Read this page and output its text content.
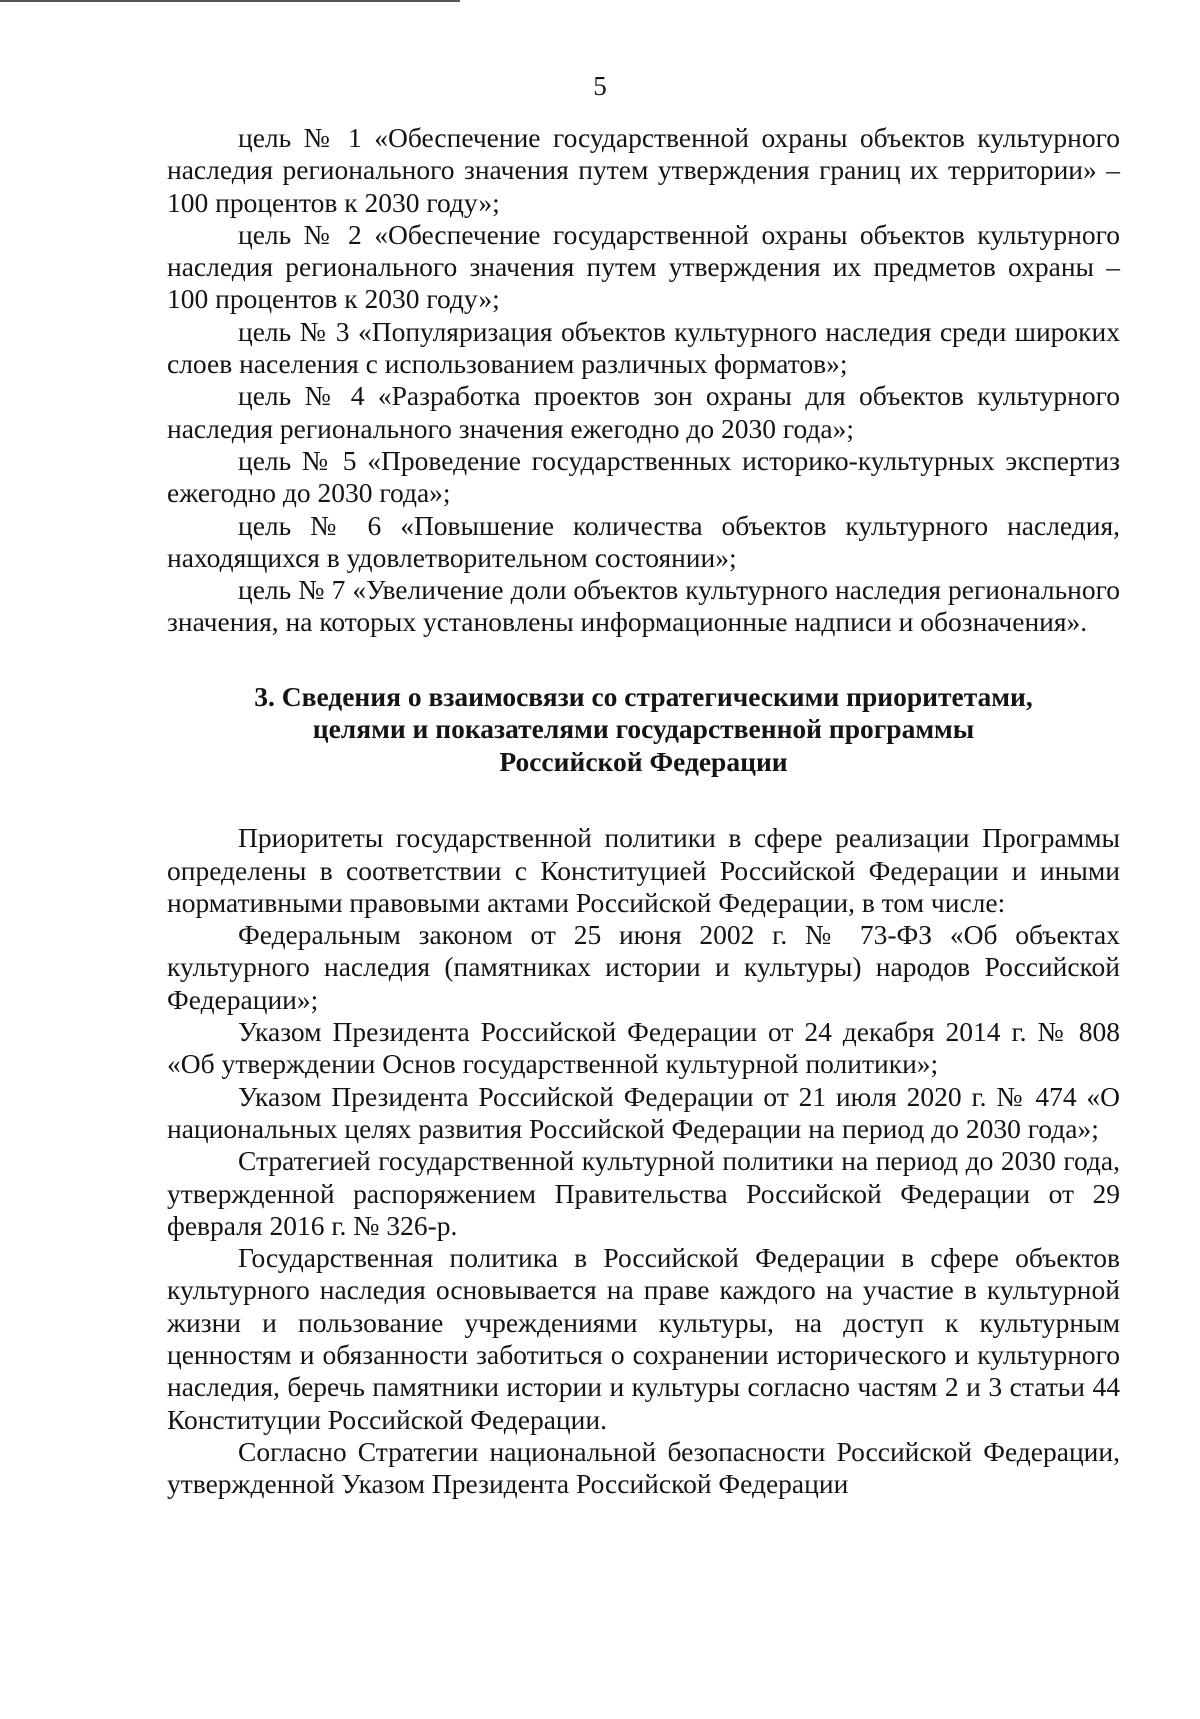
5

цель № 1 «Обеспечение государственной охраны объектов культурного наследия регионального значения путем утверждения границ их территории» – 100 процентов к 2030 году»;

цель № 2 «Обеспечение государственной охраны объектов культурного наследия регионального значения путем утверждения их предметов охраны – 100 процентов к 2030 году»;

цель № 3 «Популяризация объектов культурного наследия среди широких слоев населения с использованием различных форматов»;

цель № 4 «Разработка проектов зон охраны для объектов культурного наследия регионального значения ежегодно до 2030 года»;

цель № 5 «Проведение государственных историко-культурных экспертиз ежегодно до 2030 года»;

цель № 6 «Повышение количества объектов культурного наследия, находящихся в удовлетворительном состоянии»;

цель № 7 «Увеличение доли объектов культурного наследия регионального значения, на которых установлены информационные надписи и обозначения».

3. Сведения о взаимосвязи со стратегическими приоритетами,
целями и показателями государственной программы
Российской Федерации

Приоритеты государственной политики в сфере реализации Программы определены в соответствии с Конституцией Российской Федерации и иными нормативными правовыми актами Российской Федерации, в том числе:

Федеральным законом от 25 июня 2002 г. № 73-ФЗ «Об объектах культурного наследия (памятниках истории и культуры) народов Российской Федерации»;

Указом Президента Российской Федерации от 24 декабря 2014 г. № 808 «Об утверждении Основ государственной культурной политики»;

Указом Президента Российской Федерации от 21 июля 2020 г. № 474 «О национальных целях развития Российской Федерации на период до 2030 года»;

Стратегией государственной культурной политики на период до 2030 года, утвержденной распоряжением Правительства Российской Федерации от 29 февраля 2016 г. № 326-р.

Государственная политика в Российской Федерации в сфере объектов культурного наследия основывается на праве каждого на участие в культурной жизни и пользование учреждениями культуры, на доступ к культурным ценностям и обязанности заботиться о сохранении исторического и культурного наследия, беречь памятники истории и культуры согласно частям 2 и 3 статьи 44 Конституции Российской Федерации.

Согласно Стратегии национальной безопасности Российской Федерации, утвержденной Указом Президента Российской Федерации
